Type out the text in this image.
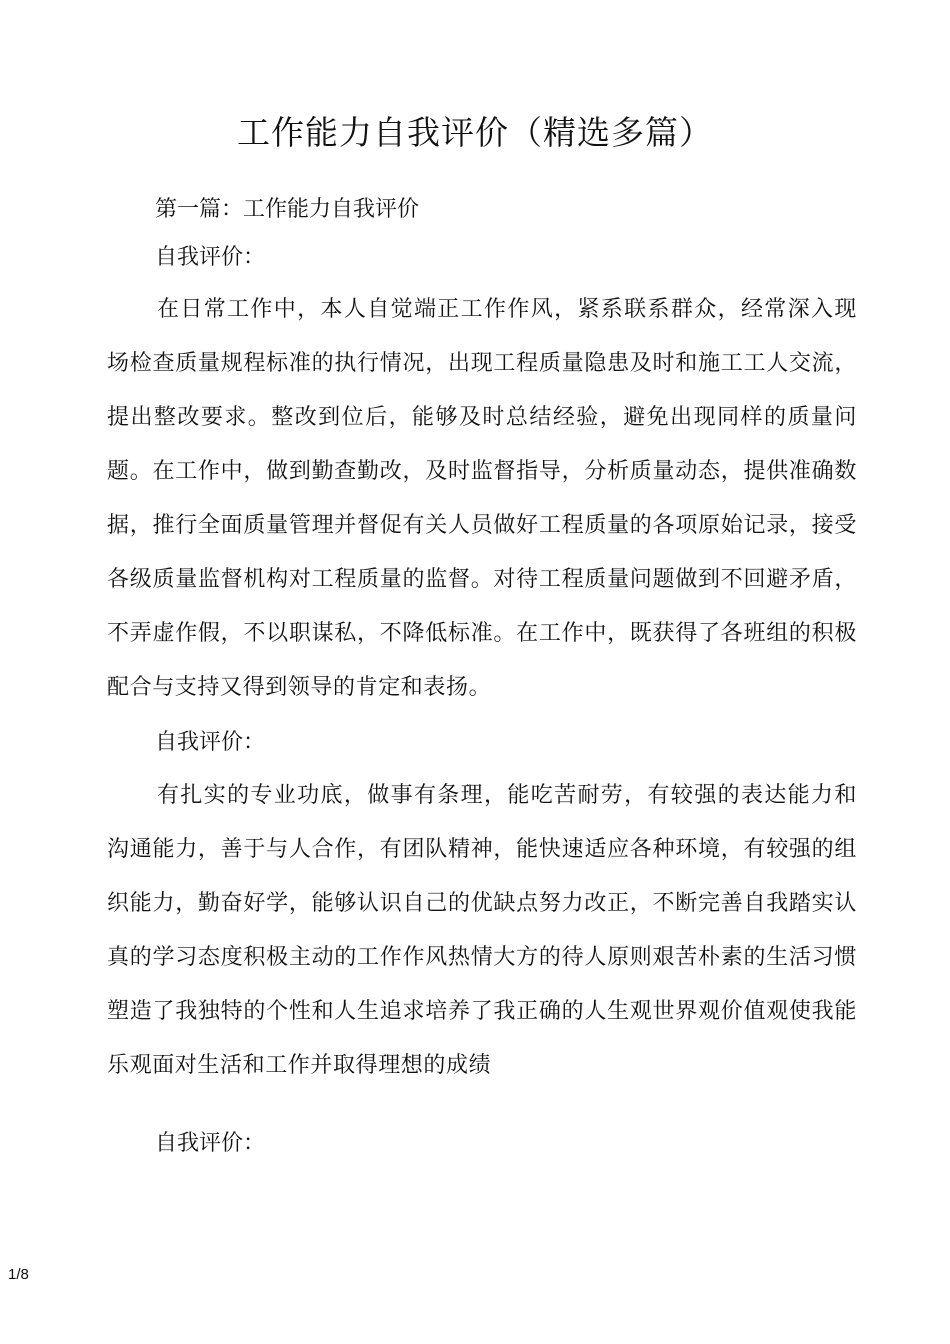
工作能力自我评价（精选多篇）
第一篇：工作能力自我评价

自我评价：

在日常工作中，本人自觉端正工作作风，紧系联系群众，经常深入现场检查质量规程标准的执行情况，出现工程质量隐患及时和施工工人交流，提出整改要求。整改到位后，能够及时总结经验，避免出现同样的质量问题。在工作中，做到勤查勤改，及时监督指导，分析质量动态，提供准确数据，推行全面质量管理并督促有关人员做好工程质量的各项原始记录，接受各级质量监督机构对工程质量的监督。对待工程质量问题做到不回避矛盾，不弄虚作假，不以职谋私，不降低标准。在工作中，既获得了各班组的积极配合与支持又得到领导的肯定和表扬。

自我评价：

有扎实的专业功底，做事有条理，能吃苦耐劳，有较强的表达能力和沟通能力，善于与人合作，有团队精神，能快速适应各种环境，有较强的组织能力，勤奋好学，能够认识自己的优缺点努力改正，不断完善自我踏实认真的学习态度积极主动的工作作风热情大方的待人原则艰苦朴素的生活习惯塑造了我独特的个性和人生追求培养了我正确的人生观世界观价值观使我能乐观面对生活和工作并取得理想的成绩

自我评价：

1/8
